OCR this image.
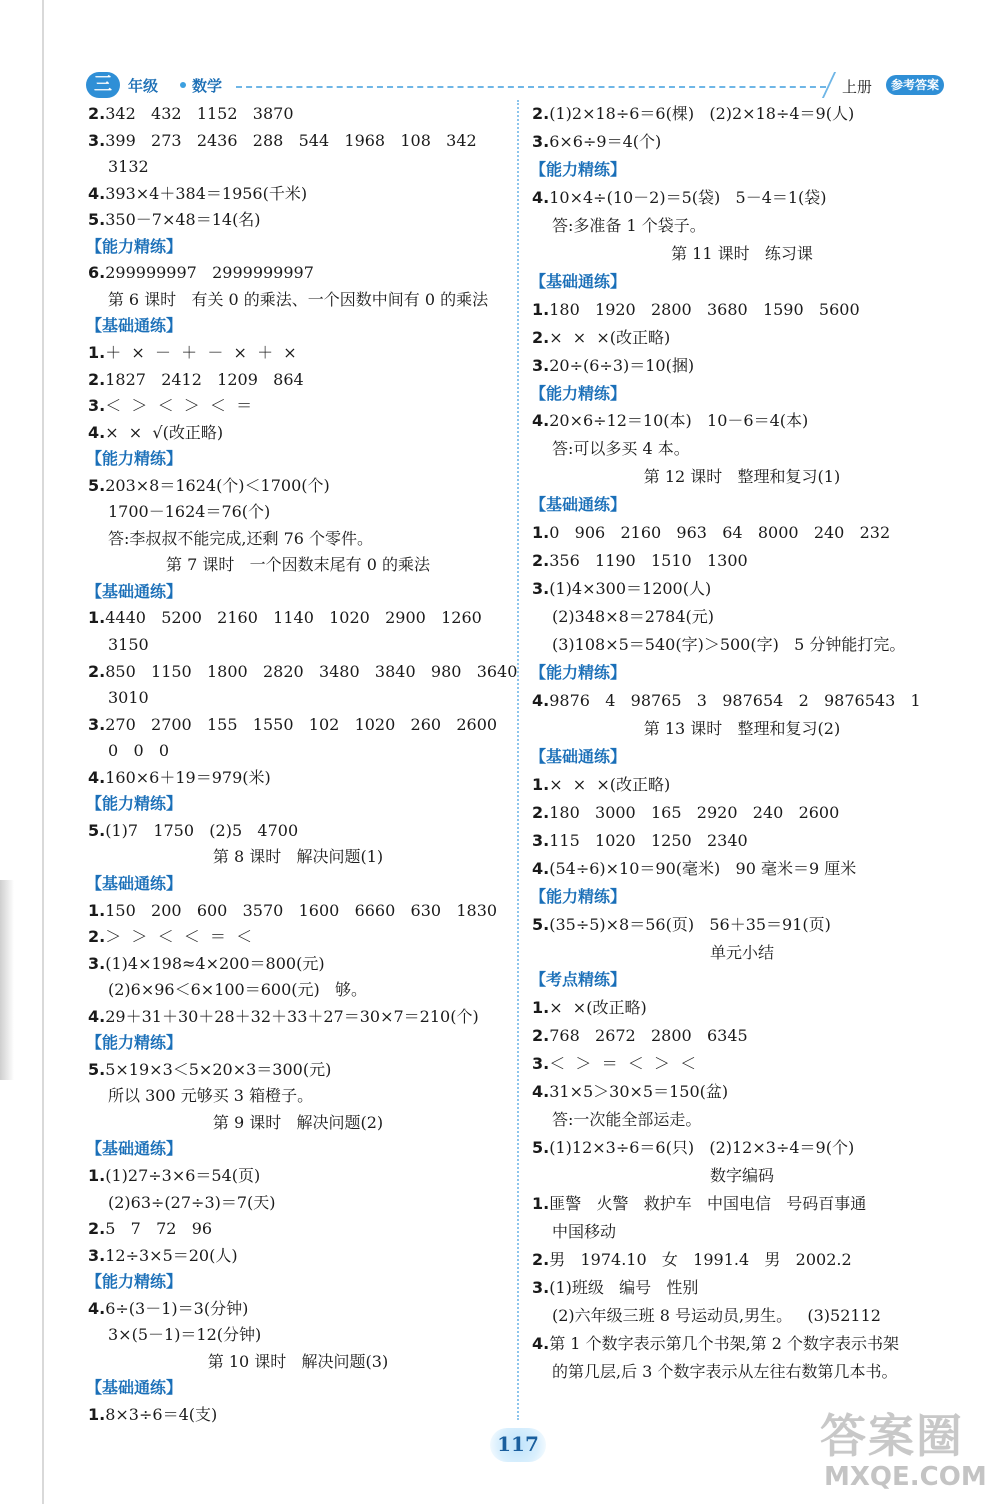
三	年级 数学	上册	参考答案
2.342   432   1152   3870
3.399   273   2436   288   544   1968   108   342
3132
4.393×4＋384＝1956(千米)
5.350－7×48＝14(名)
【能力精练】
6.299999997   2999999997
第 6 课时   有关 0 的乘法、一个因数中间有 0 的乘法
【基础通练】
1.＋  ×  －  ＋  －  ×  ＋  ×
2.1827   2412   1209   864
3.＜  ＞  ＜  ＞  ＜  ＝
4.×  ×  √(改正略)
【能力精练】
5.203×8＝1624(个)＜1700(个)
1700－1624＝76(个)
答:李叔叔不能完成,还剩 76 个零件。
第 7 课时   一个因数末尾有 0 的乘法
【基础通练】
1.4440   5200   2160   1140   1020   2900   1260
3150
2.850   1150   1800   2820   3480   3840   980   3640
3010
3.270   2700   155   1550   102   1020   260   2600
0   0   0
4.160×6＋19＝979(米)
【能力精练】
5.(1)7   1750   (2)5   4700
第 8 课时   解决问题(1)
【基础通练】
1.150   200   600   3570   1600   6660   630   1830
2.＞  ＞  ＜  ＜  ＝  ＜
3.(1)4×198≈4×200＝800(元)
(2)6×96＜6×100＝600(元)   够。
4.29＋31＋30＋28＋32＋33＋27＝30×7＝210(个)
【能力精练】
5.5×19×3＜5×20×3＝300(元)
所以 300 元够买 3 箱橙子。
第 9 课时   解决问题(2)
【基础通练】
1.(1)27÷3×6＝54(页)
(2)63÷(27÷3)＝7(天)
2.5   7   72   96
3.12÷3×5＝20(人)
【能力精练】
4.6÷(3－1)＝3(分钟)
3×(5－1)＝12(分钟)
第 10 课时   解决问题(3)
【基础通练】
1.8×3÷6＝4(支)
2.(1)2×18÷6＝6(棵)   (2)2×18÷4＝9(人)
3.6×6÷9＝4(个)
【能力精练】
4.10×4÷(10－2)＝5(袋)   5－4＝1(袋)
答:多准备 1 个袋子。
第 11 课时   练习课
【基础通练】
1.180   1920   2800   3680   1590   5600
2.×  ×  ×(改正略)
3.20÷(6÷3)＝10(捆)
【能力精练】
4.20×6÷12＝10(本)   10－6＝4(本)
答:可以多买 4 本。
第 12 课时   整理和复习(1)
【基础通练】
1.0   906   2160   963   64   8000   240   232
2.356   1190   1510   1300
3.(1)4×300＝1200(人)
(2)348×8＝2784(元)
(3)108×5＝540(字)＞500(字)   5 分钟能打完。
【能力精练】
4.9876   4   98765   3   987654   2   9876543   1
第 13 课时   整理和复习(2)
【基础通练】
1.×  ×  ×(改正略)
2.180   3000   165   2920   240   2600
3.115   1020   1250   2340
4.(54÷6)×10＝90(毫米)   90 毫米＝9 厘米
【能力精练】
5.(35÷5)×8＝56(页)   56＋35＝91(页)
单元小结
【考点精练】
1.×  ×(改正略)
2.768   2672   2800   6345
3.＜  ＞  ＝  ＜  ＞  ＜
4.31×5＞30×5＝150(盆)
答:一次能全部运走。
5.(1)12×3÷6＝6(只)   (2)12×3÷4＝9(个)
数字编码
1.匪警   火警   救护车   中国电信   号码百事通
中国移动
2.男   1974.10   女   1991.4   男   2002.2
3.(1)班级   编号   性别
(2)六年级三班 8 号运动员,男生。   (3)52112
4.第 1 个数字表示第几个书架,第 2 个数字表示书架
的第几层,后 3 个数字表示从左往右数第几本书。
117	答案圈
MXQE.COM
